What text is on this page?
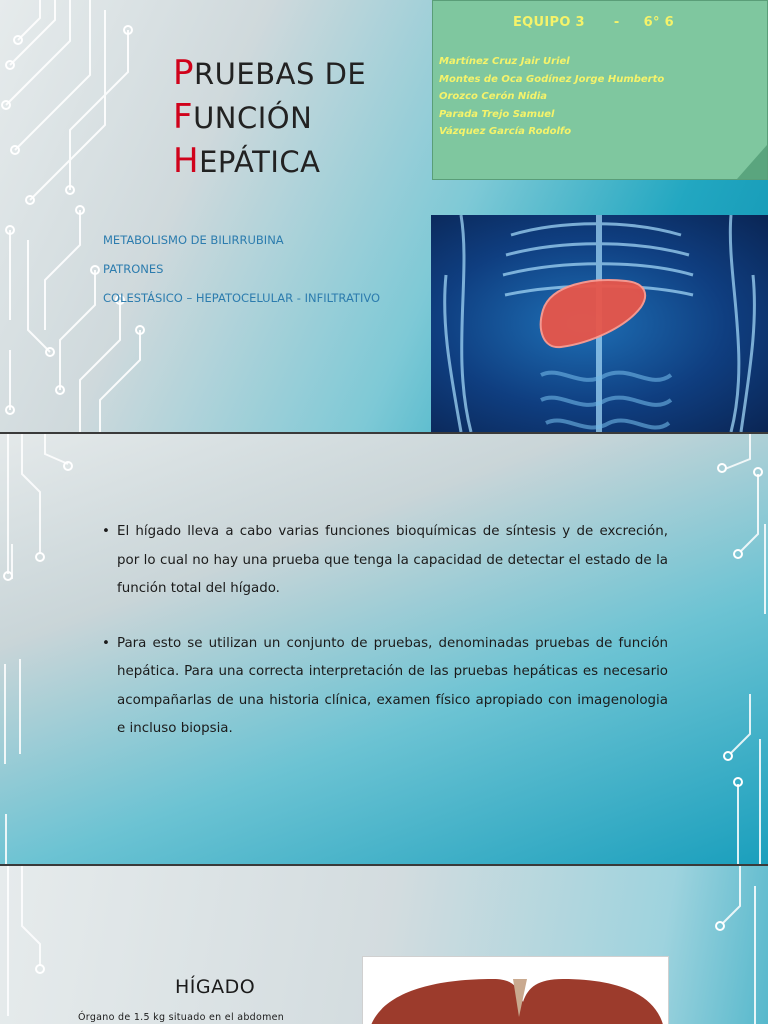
PRUEBAS DE
FUNCIÓN
HEPÁTICA
METABOLISMO DE BILIRRUBINA
PATRONES
COLESTÁSICO – HEPATOCELULAR - INFILTRATIVO
EQUIPO 3      -     6° 6
Martínez Cruz Jair Uriel
Montes de Oca Godínez Jorge Humberto
Orozco Cerón Nidia
Parada Trejo Samuel
Vázquez García Rodolfo

• El hígado lleva a cabo varias funciones bioquímicas de síntesis y de excreción, por lo cual no hay una prueba que tenga la capacidad de detectar el estado de la función total del hígado.

• Para esto se utilizan un conjunto de pruebas, denominadas pruebas de función hepática. Para una correcta interpretación de las pruebas hepáticas es necesario acompañarlas de una historia clínica, examen físico apropiado con imagenologia e incluso biopsia.

HÍGADO
Órgano de 1.5 kg situado en el abdomen
